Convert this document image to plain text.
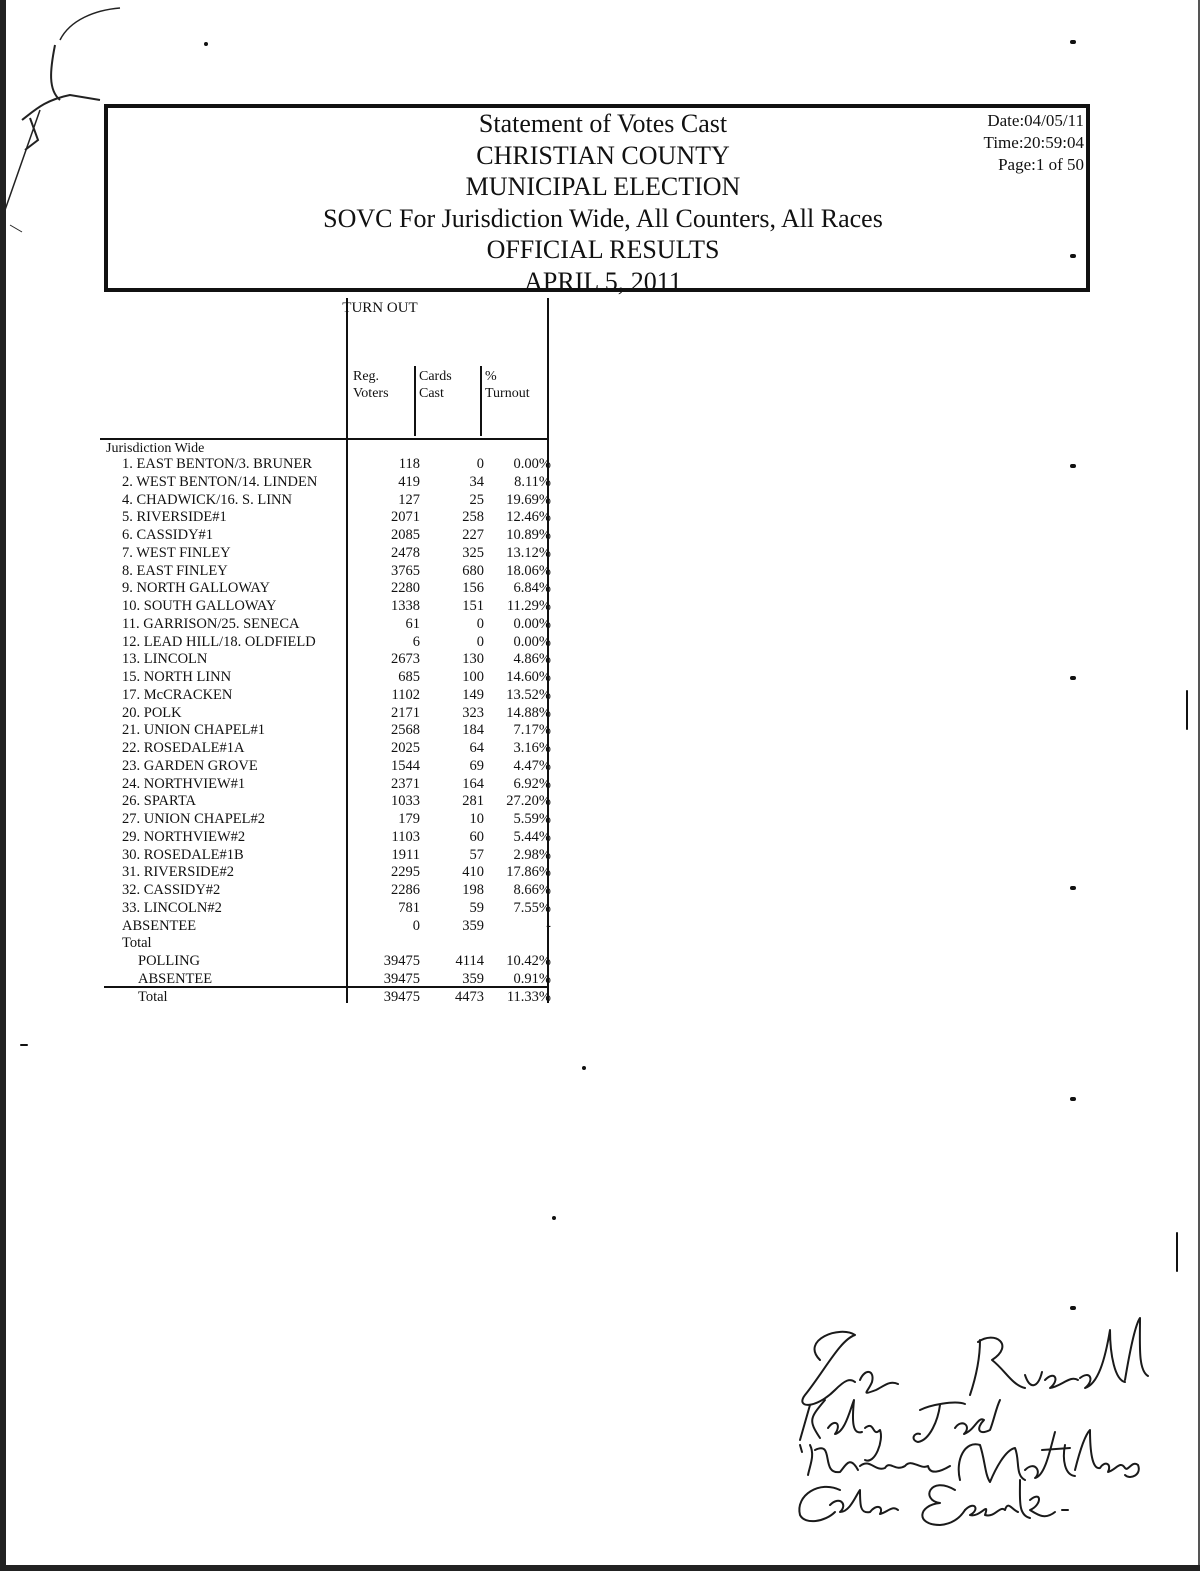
Statement of Votes Cast
CHRISTIAN COUNTY
MUNICIPAL ELECTION
SOVC For Jurisdiction Wide, All Counters, All Races
OFFICIAL RESULTS
APRIL 5, 2011
Date:04/05/11
Time:20:59:04
Page:1 of 50
TURN OUT
Reg.
Voters
Cards
Cast
%
Turnout
Jurisdiction Wide
1. EAST BENTON/3. BRUNER	118	0 0.00%
2. WEST BENTON/14. LINDEN	419	34 8.11%
4. CHADWICK/16. S. LINN	127	25 19.69%
5. RIVERSIDE#1	2071	258 12.46%
6. CASSIDY#1	2085	227 10.89%
7. WEST FINLEY	2478	325 13.12%
8. EAST FINLEY	3765	680 18.06%
9. NORTH GALLOWAY	2280	156 6.84%
10. SOUTH GALLOWAY	1338	151 11.29%
11. GARRISON/25. SENECA	61	0 0.00%
12. LEAD HILL/18. OLDFIELD	6	0 0.00%
13. LINCOLN	2673	130 4.86%
15. NORTH LINN	685	100 14.60%
17. McCRACKEN	1102	149 13.52%
20. POLK	2171	323 14.88%
21. UNION CHAPEL#1	2568	184 7.17%
22. ROSEDALE#1A	2025	64 3.16%
23. GARDEN GROVE	1544	69 4.47%
24. NORTHVIEW#1	2371	164 6.92%
26. SPARTA	1033	281 27.20%
27. UNION CHAPEL#2	179	10 5.59%
29. NORTHVIEW#2	1103	60 5.44%
30. ROSEDALE#1B	1911	57 2.98%
31. RIVERSIDE#2	2295	410 17.86%
32. CASSIDY#2	2286	198 8.66%
33. LINCOLN#2	781	59 7.55%
ABSENTEE	0	359	-
Total
POLLING	39475 4114 10.42%
ABSENTEE	39475	359 0.91%
Total	39475 4473 11.33%
